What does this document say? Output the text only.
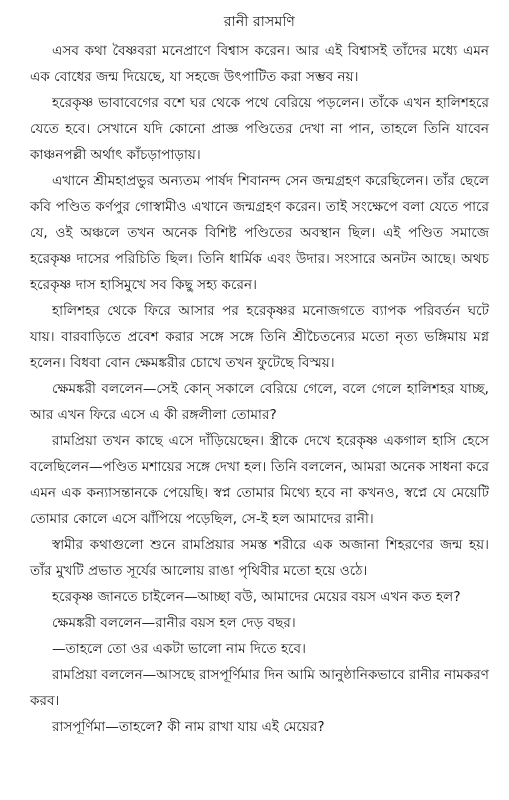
রানী রাসমণি

এসব কথা বৈষ্ণবরা মনেপ্রাণে বিশ্বাস করেন। আর এই বিশ্বাসই তাঁদের মধ্যে এমন এক বোধের জন্ম দিয়েছে, যা সহজে উৎপাটিত করা সম্ভব নয়।

হরেকৃষ্ণ ভাবাবেগের বশে ঘর থেকে পথে বেরিয়ে পড়লেন। তাঁকে এখন হালিশহরে যেতে হবে। সেখানে যদি কোনো প্রাজ্ঞ পণ্ডিতের দেখা না পান, তাহলে তিনি যাবেন কাঞ্চনপল্লী অর্থাৎ কাঁচড়াপাড়ায়।

এখানে শ্রীমহাপ্রভুর অন্যতম পার্ষদ শিবানন্দ সেন জন্মগ্রহণ করেছিলেন। তাঁর ছেলে কবি পণ্ডিত কর্ণপুর গোস্বামীও এখানে জন্মগ্রহণ করেন। তাই সংক্ষেপে বলা যেতে পারে যে, ওই অঞ্চলে তখন অনেক বিশিষ্ট পণ্ডিতের অবস্থান ছিল। এই পণ্ডিত সমাজে হরেকৃষ্ণ দাসের পরিচিতি ছিল। তিনি ধার্মিক এবং উদার। সংসারে অনটন আছে। অথচ হরেকৃষ্ণ দাস হাসিমুখে সব কিছু সহ্য করেন।

হালিশহর থেকে ফিরে আসার পর হরেকৃষ্ণর মনোজগতে ব্যাপক পরিবর্তন ঘটে যায়। বারবাড়িতে প্রবেশ করার সঙ্গে সঙ্গে তিনি শ্রীচৈতন্যের মতো নৃত্য ভঙ্গিমায় মগ্ন হলেন। বিধবা বোন ক্ষেমঙ্করীর চোখে তখন ফুটেছে বিস্ময়।

ক্ষেমঙ্করী বললেন—সেই কোন্‌ সকালে বেরিয়ে গেলে, বলে গেলে হালিশহর যাচ্ছ, আর এখন ফিরে এসে এ কী রঙ্গলীলা তোমার?

রামপ্রিয়া তখন কাছে এসে দাঁড়িয়েছেন। স্ত্রীকে দেখে হরেকৃষ্ণ একগাল হাসি হেসে বলেছিলেন—পণ্ডিত মশায়ের সঙ্গে দেখা হল। তিনি বললেন, আমরা অনেক সাধনা করে এমন এক কন্যাসন্তানকে পেয়েছি। স্বপ্ন তোমার মিথ্যে হবে না কখনও, স্বপ্নে যে মেয়েটি তোমার কোলে এসে ঝাঁপিয়ে পড়েছিল, সে-ই হল আমাদের রানী।

স্বামীর কথাগুলো শুনে রামপ্রিয়ার সমস্ত শরীরে এক অজানা শিহরণের জন্ম হয়। তাঁর মুখটি প্রভাত সূর্যের আলোয় রাঙা পৃথিবীর মতো হয়ে ওঠে।

হরেকৃষ্ণ জানতে চাইলেন—আচ্ছা বউ, আমাদের মেয়ের বয়স এখন কত হল?

ক্ষেমঙ্করী বললেন—রানীর বয়স হল দেড় বছর।

—তাহলে তো ওর একটা ভালো নাম দিতে হবে।

রামপ্রিয়া বললেন—আসছে রাসপূর্ণিমার দিন আমি আনুষ্ঠানিকভাবে রানীর নামকরণ করব।

রাসপূর্ণিমা—তাহলে? কী নাম রাখা যায় এই মেয়ের?
